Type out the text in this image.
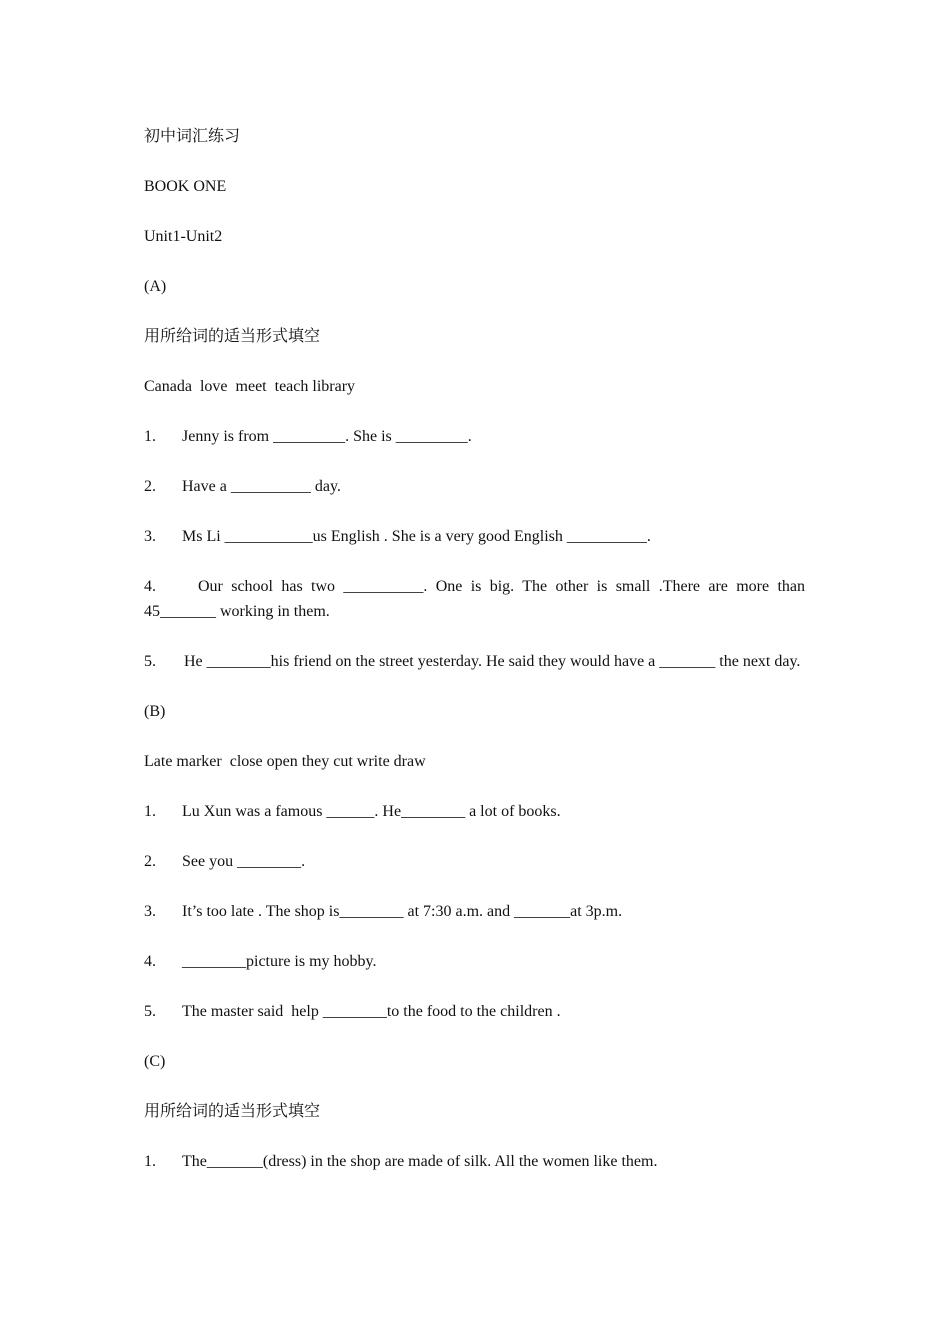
初中词汇练习
BOOK ONE
Unit1-Unit2
(A)
用所给词的适当形式填空
Canada  love  meet  teach library
1.	Jenny is from _________. She is _________.
2.	Have a __________ day.
3.	Ms Li ___________us English . She is a very good English __________.
4.	Our school has two __________. One is big. The other is small .There are more than 45_______ working in them.
5. He ________his friend on the street yesterday. He said they would have a _______ the next day.
(B)
Late marker  close open they cut write draw
1.	Lu Xun was a famous ______. He________ a lot of books.
2.	See you ________.
3.	It’s too late . The shop is________ at 7:30 a.m. and _______at 3p.m.
4.	________picture is my hobby.
5.	The master said  help ________to the food to the children .
(C)
用所给词的适当形式填空
1.	The_______(dress) in the shop are made of silk. All the women like them.
